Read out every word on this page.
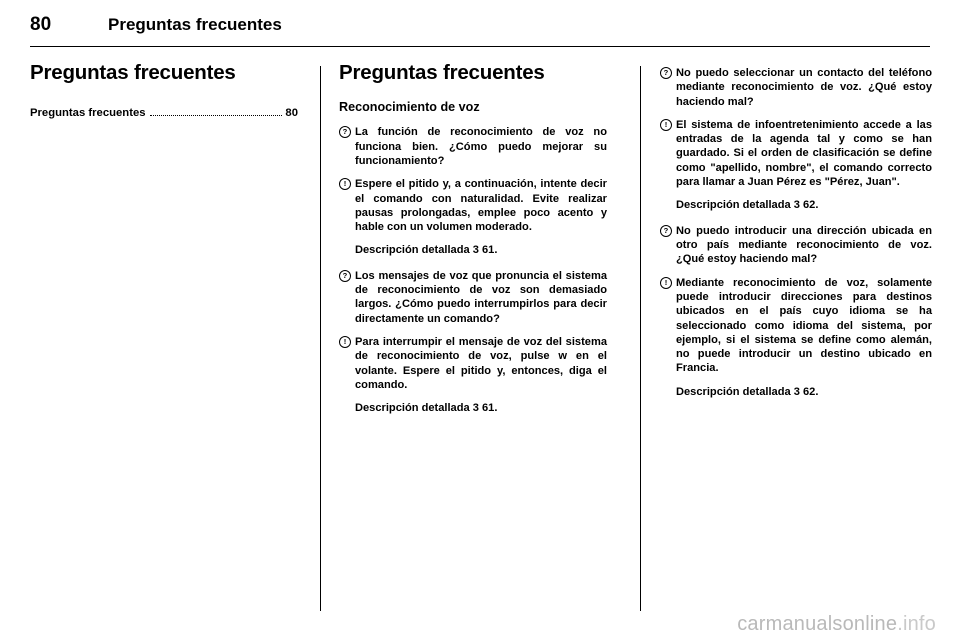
80	Preguntas frecuentes
Preguntas frecuentes
Preguntas frecuentes	80
Preguntas frecuentes
Reconocimiento de voz
? La función de reconocimiento de voz no funciona bien. ¿Cómo puedo mejorar su funcionamiento?

! Espere el pitido y, a continuación, intente decir el comando con naturalidad. Evite realizar pausas prolongadas, emplee poco acento y hable con un volumen moderado.

Descripción detallada 3 61.

? Los mensajes de voz que pronuncia el sistema de reconocimiento de voz son demasiado largos. ¿Cómo puedo interrumpirlos para decir directamente un comando?

! Para interrumpir el mensaje de voz del sistema de reconocimiento de voz, pulse w en el volante. Espere el pitido y, entonces, diga el comando.

Descripción detallada 3 61.

? No puedo seleccionar un contacto del teléfono mediante reconocimiento de voz. ¿Qué estoy haciendo mal?

! El sistema de infoentretenimiento accede a las entradas de la agenda tal y como se han guardado. Si el orden de clasificación se define como "apellido, nombre", el comando correcto para llamar a Juan Pérez es "Pérez, Juan".

Descripción detallada 3 62.

? No puedo introducir una dirección ubicada en otro país mediante reconocimiento de voz. ¿Qué estoy haciendo mal?

! Mediante reconocimiento de voz, solamente puede introducir direcciones para destinos ubicados en el país cuyo idioma se ha seleccionado como idioma del sistema, por ejemplo, si el sistema se define como alemán, no puede introducir un destino ubicado en Francia.

Descripción detallada 3 62.

carmanualsonline.info
